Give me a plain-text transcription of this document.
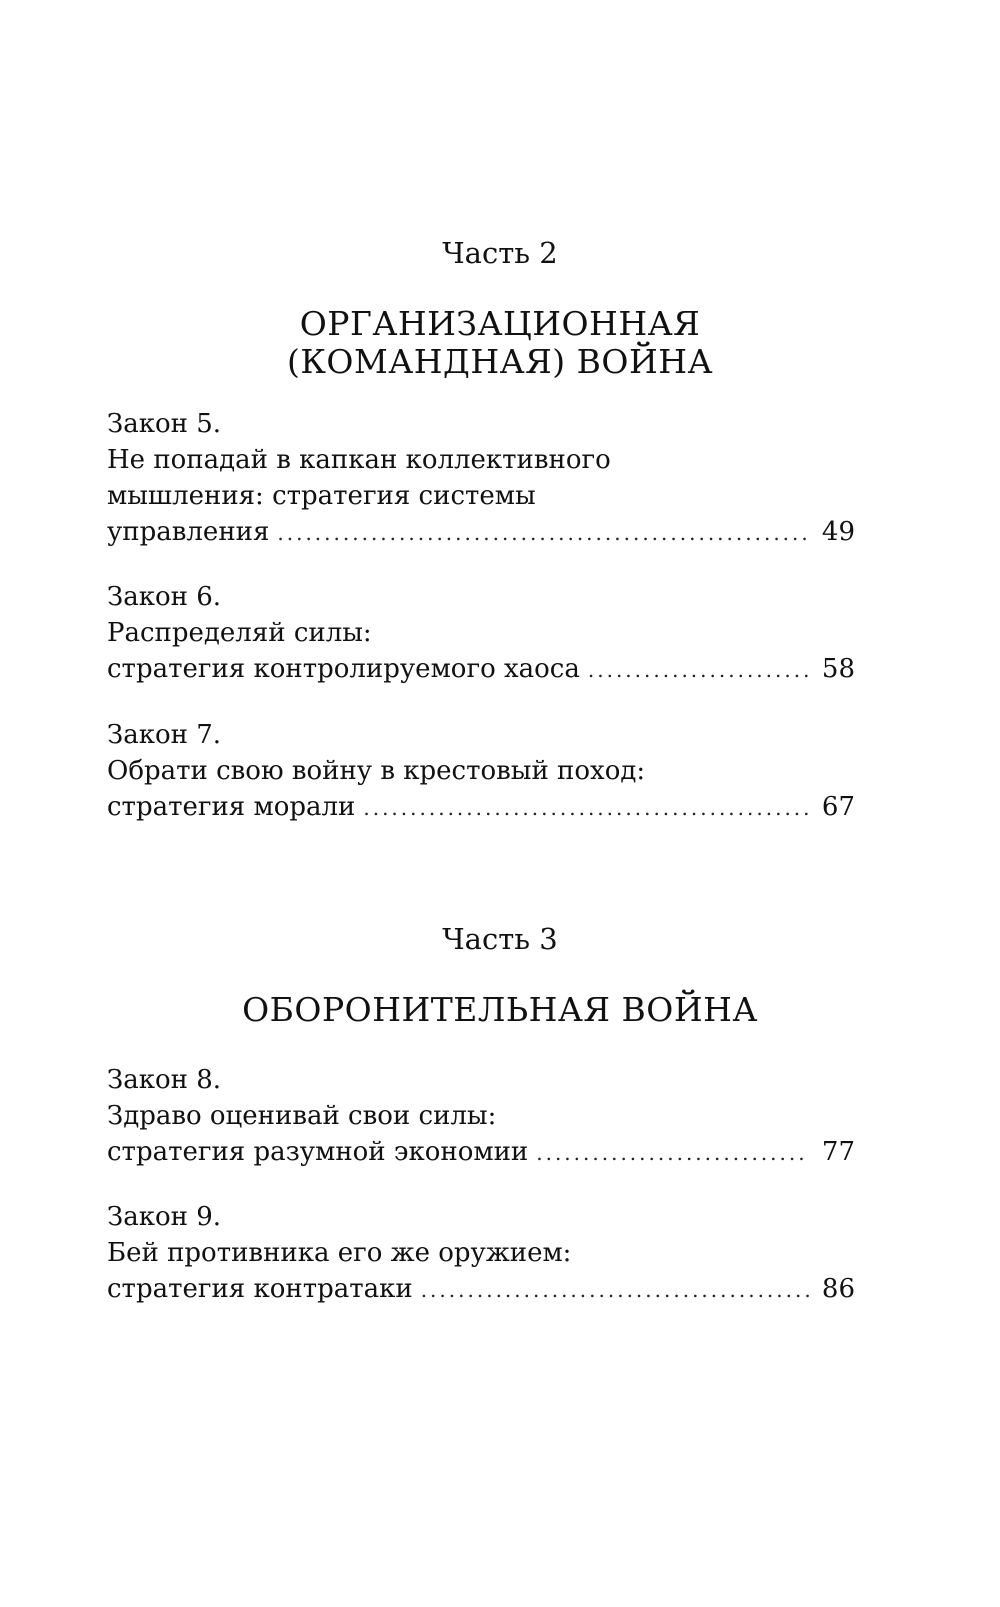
Часть 2
ОРГАНИЗАЦИОННАЯ
(КОМАНДНАЯ) ВОЙНА
Закон 5.
Не попадай в капкан коллективного
мышления: стратегия системы
управления .....	49
Закон 6.
Распределяй силы:
стратегия контролируемого хаоса .....	58
Закон 7.
Обрати свою войну в крестовый поход:
стратегия морали .....	67
Часть 3
ОБОРОНИТЕЛЬНАЯ ВОЙНА
Закон 8.
Здраво оценивай свои силы:
стратегия разумной экономии .....	77
Закон 9.
Бей противника его же оружием:
стратегия контратаки .....	86
